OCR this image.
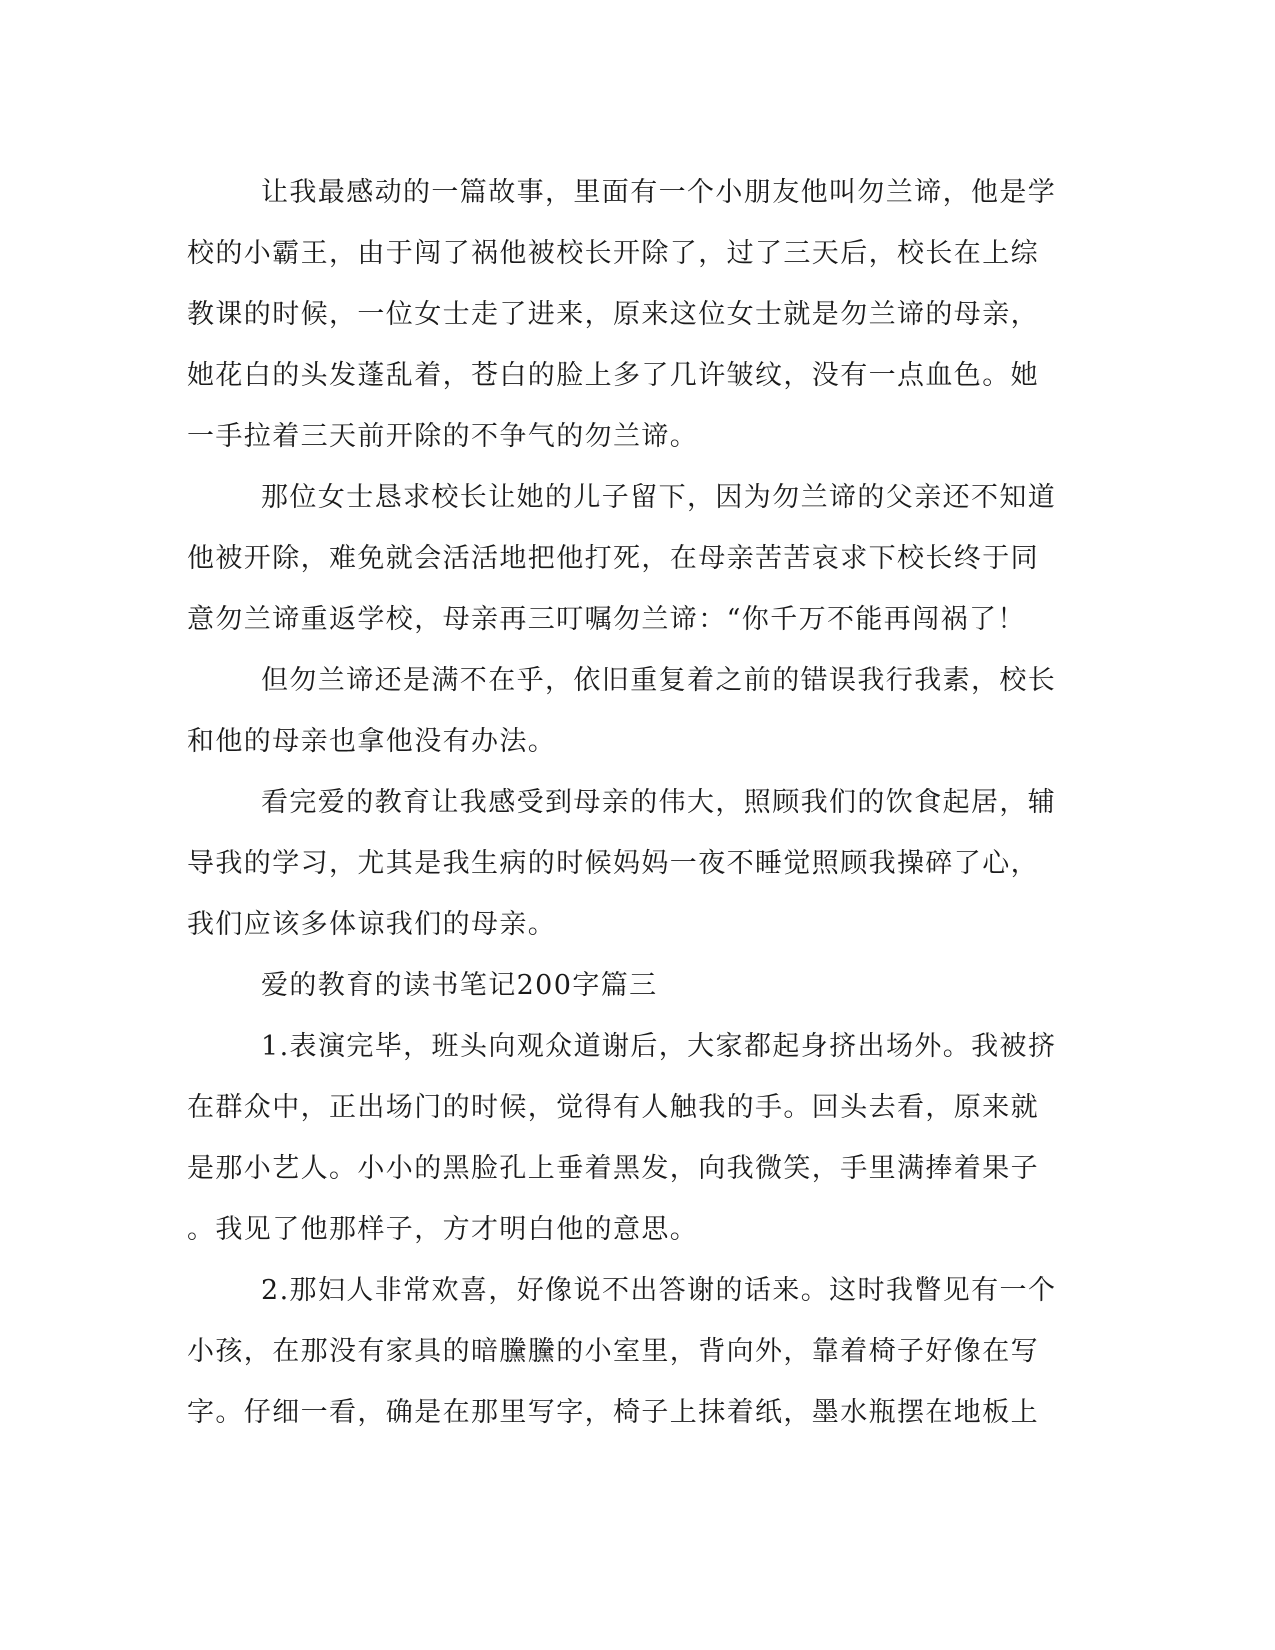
让我最感动的一篇故事，里面有一个小朋友他叫勿兰谛，他是学
校的小霸王，由于闯了祸他被校长开除了，过了三天后，校长在上综
教课的时候，一位女士走了进来，原来这位女士就是勿兰谛的母亲，
她花白的头发蓬乱着，苍白的脸上多了几许皱纹，没有一点血色。她
一手拉着三天前开除的不争气的勿兰谛。
那位女士恳求校长让她的儿子留下，因为勿兰谛的父亲还不知道
他被开除，难免就会活活地把他打死，在母亲苦苦哀求下校长终于同
意勿兰谛重返学校，母亲再三叮嘱勿兰谛：“你千万不能再闯祸了！
但勿兰谛还是满不在乎，依旧重复着之前的错误我行我素，校长
和他的母亲也拿他没有办法。
看完爱的教育让我感受到母亲的伟大，照顾我们的饮食起居，辅
导我的学习，尤其是我生病的时候妈妈一夜不睡觉照顾我操碎了心，
我们应该多体谅我们的母亲。
爱的教育的读书笔记200字篇三
1.表演完毕，班头向观众道谢后，大家都起身挤出场外。我被挤
在群众中，正出场门的时候，觉得有人触我的手。回头去看，原来就
是那小艺人。小小的黑脸孔上垂着黑发，向我微笑，手里满捧着果子
。我见了他那样子，方才明白他的意思。
2.那妇人非常欢喜，好像说不出答谢的话来。这时我瞥见有一个
小孩，在那没有家具的暗黱黱的小室里，背向外，靠着椅子好像在写
字。仔细一看，确是在那里写字，椅子上抹着纸，墨水瓶摆在地板上
